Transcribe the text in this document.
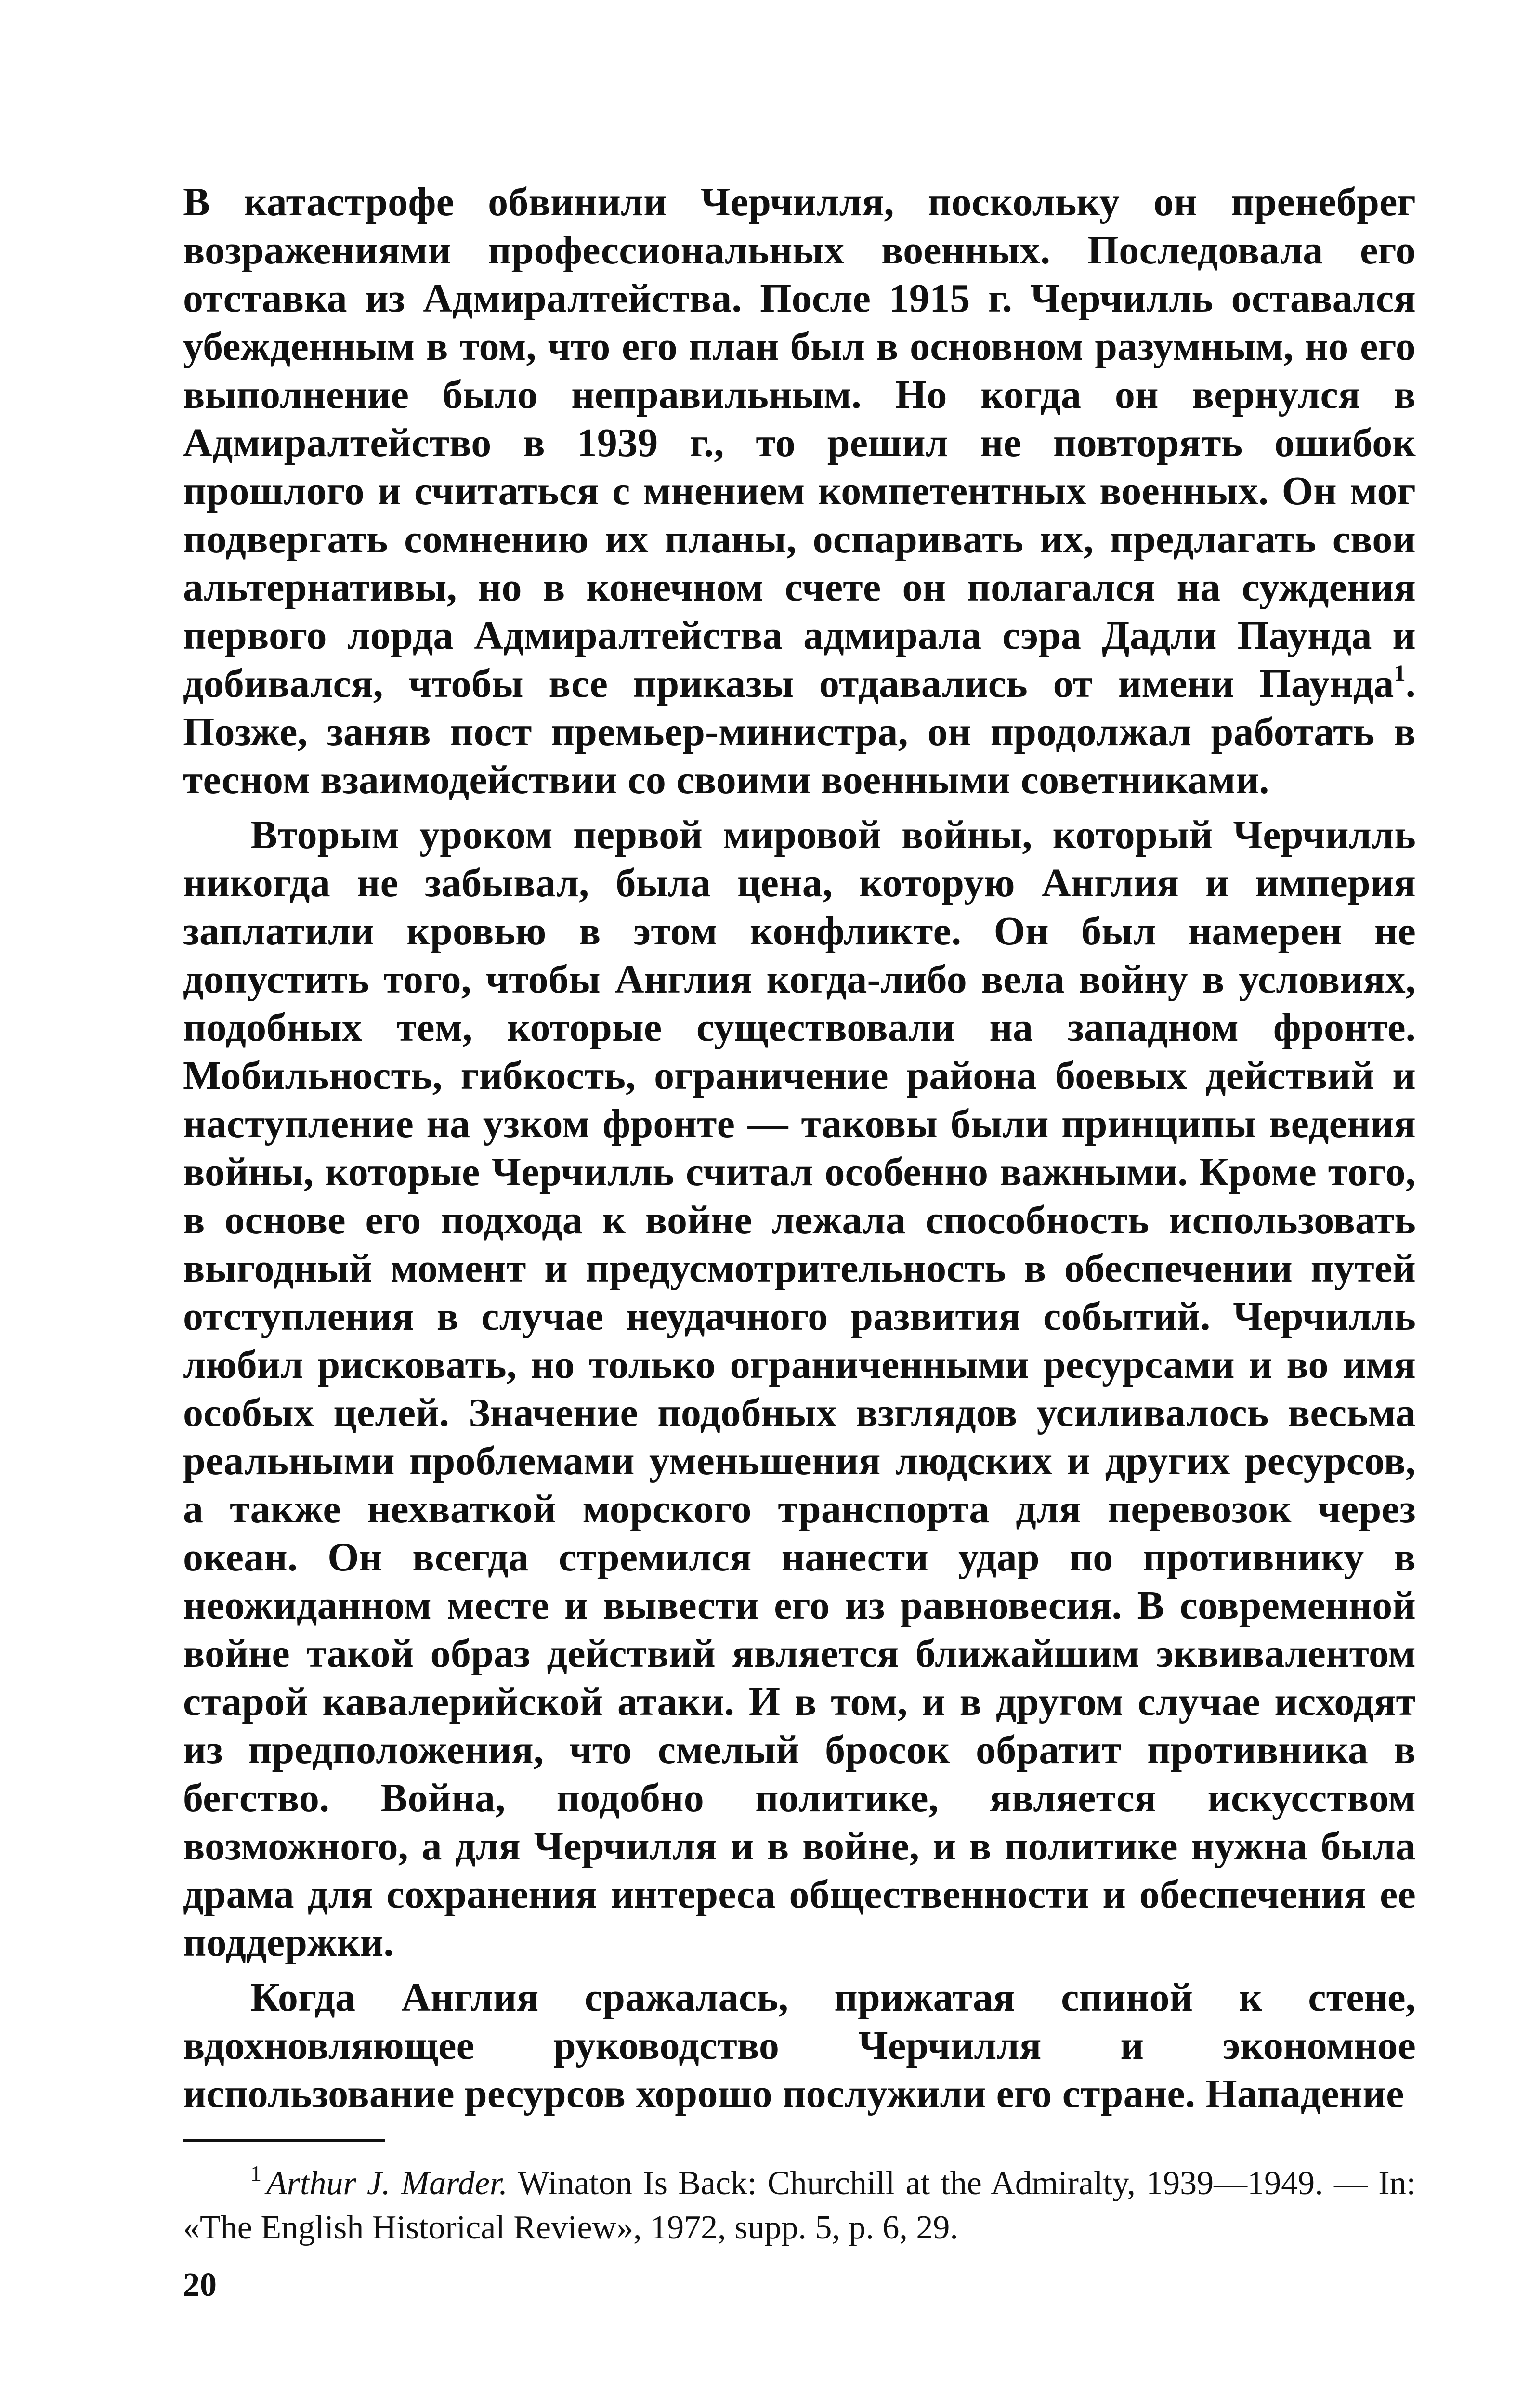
В катастрофе обвинили Черчилля, поскольку он пренебрег возражениями профессиональных военных. Последовала его отставка из Адмиралтейства. После 1915 г. Черчилль оставался убежденным в том, что его план был в основном разумным, но его выполнение было неправильным. Но когда он вернулся в Адмиралтейство в 1939 г., то решил не повторять ошибок прошлого и считаться с мнением компетентных военных. Он мог подвергать сомнению их планы, оспаривать их, предлагать свои альтернативы, но в конечном счете он полагался на суждения первого лорда Адмиралтейства адмирала сэра Дадли Паунда и добивался, чтобы все приказы отдавались от имени Паунда$^1$. Позже, заняв пост премьер-министра, он продолжал работать в тесном взаимодействии со своими военными советниками.

Вторым уроком первой мировой войны, который Черчилль никогда не забывал, была цена, которую Англия и империя заплатили кровью в этом конфликте. Он был намерен не допустить того, чтобы Англия когда-либо вела войну в условиях, подобных тем, которые существовали на западном фронте. Мобильность, гибкость, ограничение района боевых действий и наступление на узком фронте — таковы были принципы ведения войны, которые Черчилль считал особенно важными. Кроме того, в основе его подхода к войне лежала способность использовать выгодный момент и предусмотрительность в обеспечении путей отступления в случае неудачного развития событий. Черчилль любил рисковать, но только ограниченными ресурсами и во имя особых целей. Значение подобных взглядов усиливалось весьма реальными проблемами уменьшения людских и других ресурсов, а также нехваткой морского транспорта для перевозок через океан. Он всегда стремился нанести удар по противнику в неожиданном месте и вывести его из равновесия. В современной войне такой образ действий является ближайшим эквивалентом старой кавалерийской атаки. И в том, и в другом случае исходят из предположения, что смелый бросок обратит противника в бегство. Война, подобно политике, является искусством возможного, а для Черчилля и в войне, и в политике нужна была драма для сохранения интереса общественности и обеспечения ее поддержки.

Когда Англия сражалась, прижатая спиной к стене, вдохновляющее руководство Черчилля и экономное использование ресурсов хорошо послужили его стране. Нападение

$^1$ Arthur J. Marder. Winaton Is Back: Churchill at the Admiralty, 1939—1949. — In: «The English Historical Review», 1972, supp. 5, p. 6, 29.

20
